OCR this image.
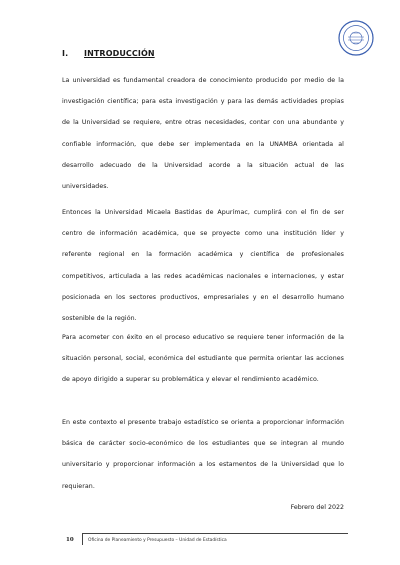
I. INTRODUCCIÓN

La universidad es fundamental creadora de conocimiento producido por medio de la investigación científica; para esta investigación y para las demás actividades propias de la Universidad se requiere, entre otras necesidades, contar con una abundante y confiable información, que debe ser implementada en la UNAMBA orientada al desarrollo adecuado de la Universidad acorde a la situación actual de las universidades.

Entonces la Universidad Micaela Bastidas de Apurímac, cumplirá con el fin de ser centro de información académica, que se proyecte como una institución líder y referente regional en la formación académica y científica de profesionales competitivos, articulada a las redes académicas nacionales e internaciones, y estar posicionada en los sectores productivos, empresariales y en el desarrollo humano sostenible de la región.

Para acometer con éxito en el proceso educativo se requiere tener información de la situación personal, social, económica del estudiante que permita orientar las acciones de apoyo dirigido a superar su problemática y elevar el rendimiento académico.

En este contexto el presente trabajo estadístico se orienta a proporcionar información básica de carácter socio-económico de los estudiantes que se integran al mundo universitario y proporcionar información a los estamentos de la Universidad que lo requieran.

Febrero del 2022
10	Oficina de Planeamiento y Presupuesto – Unidad de Estadística
